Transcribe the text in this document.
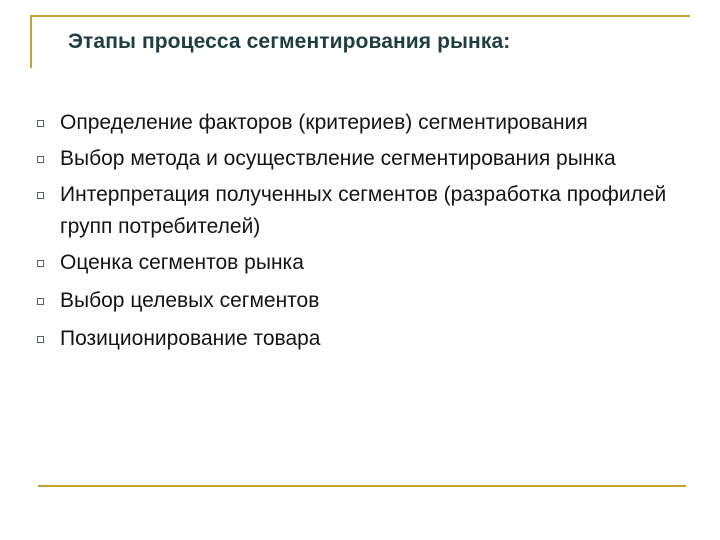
Этапы процесса сегментирования рынка:
Определение факторов (критериев) сегментирования
Выбор метода и осуществление сегментирования рынка
Интерпретация полученных сегментов (разработка профилей групп потребителей)
Оценка сегментов рынка
Выбор целевых сегментов
Позиционирование товара
